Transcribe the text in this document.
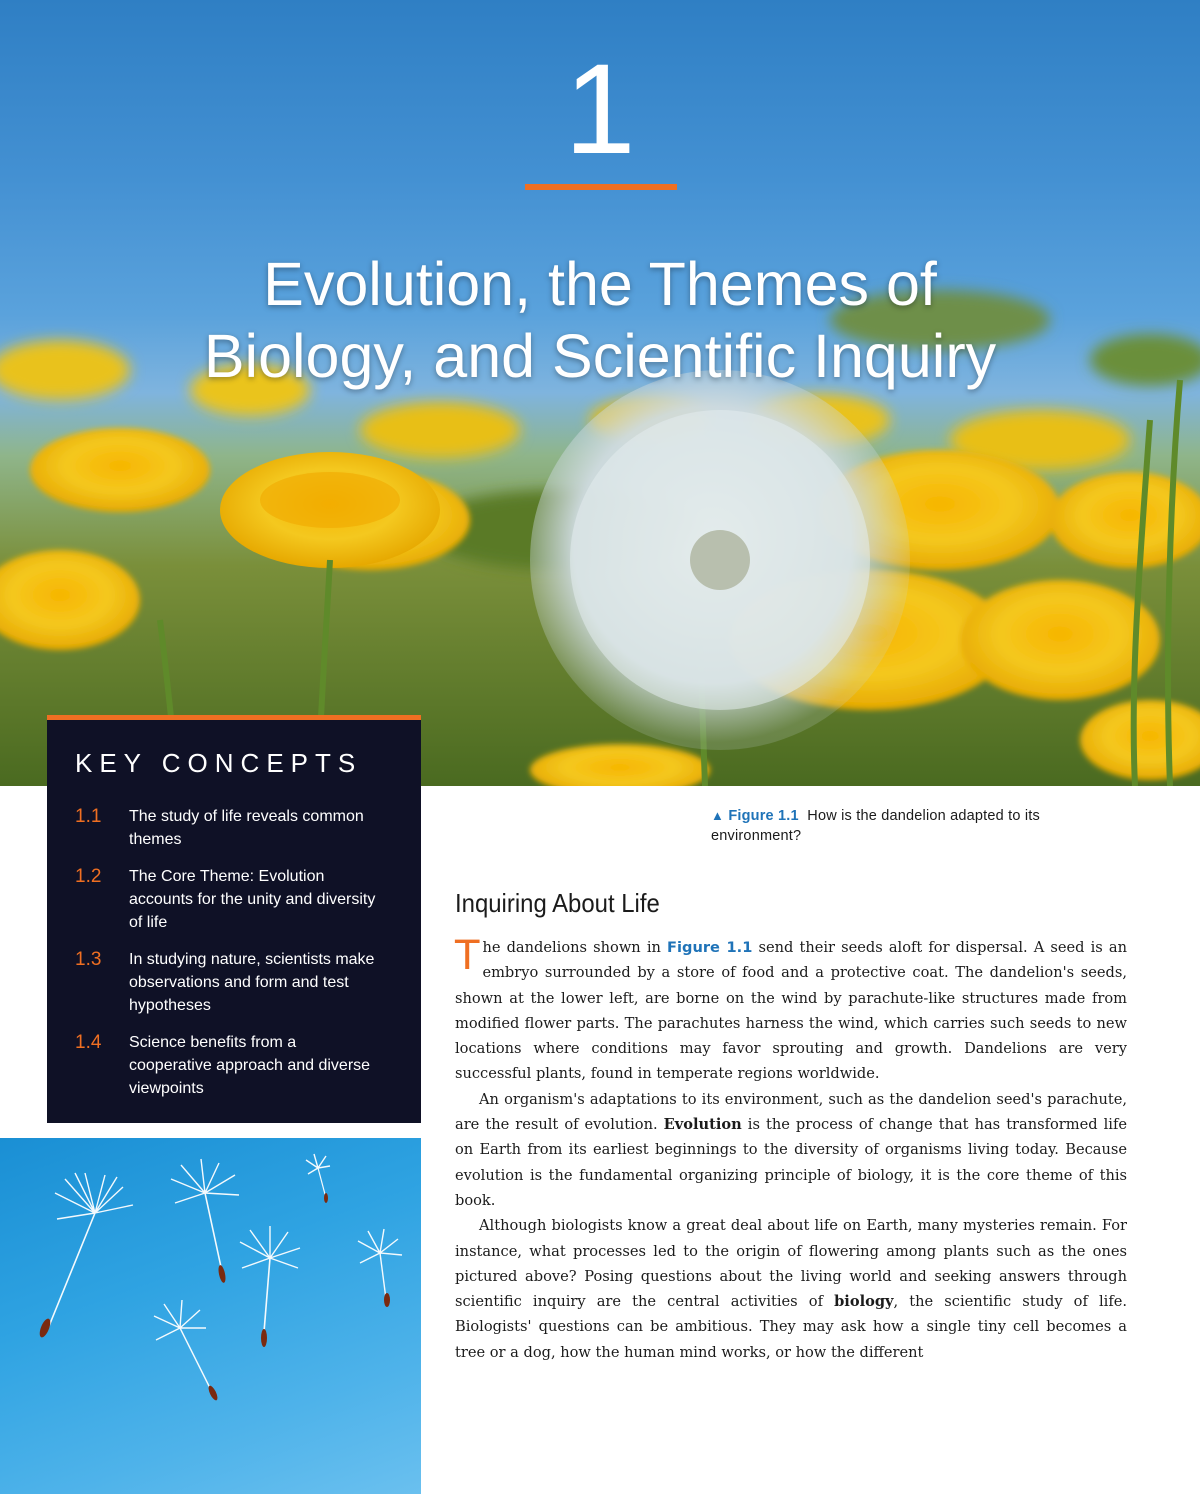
1
Evolution, the Themes of
Biology, and Scientific Inquiry
KEY CONCEPTS
1.1	The study of life reveals common themes
1.2	The Core Theme: Evolution accounts for the unity and diversity of life
1.3	In studying nature, scientists make observations and form and test hypotheses
1.4	Science benefits from a cooperative approach and diverse viewpoints
▲ Figure 1.1 How is the dandelion adapted to its environment?
Inquiring About Life

The dandelions shown in Figure 1.1 send their seeds aloft for dispersal. A seed is an embryo surrounded by a store of food and a protective coat. The dandelion's seeds, shown at the lower left, are borne on the wind by parachute-like structures made from modified flower parts. The parachutes harness the wind, which carries such seeds to new locations where conditions may favor sprouting and growth. Dandelions are very successful plants, found in temperate regions worldwide.

An organism's adaptations to its environment, such as the dandelion seed's parachute, are the result of evolution. Evolution is the process of change that has transformed life on Earth from its earliest beginnings to the diversity of organisms living today. Because evolution is the fundamental organizing principle of biology, it is the core theme of this book.

Although biologists know a great deal about life on Earth, many mysteries remain. For instance, what processes led to the origin of flowering among plants such as the ones pictured above? Posing questions about the living world and seeking answers through scientific inquiry are the central activities of biology, the scientific study of life. Biologists' questions can be ambitious. They may ask how a single tiny cell becomes a tree or a dog, how the human mind works, or how the different
